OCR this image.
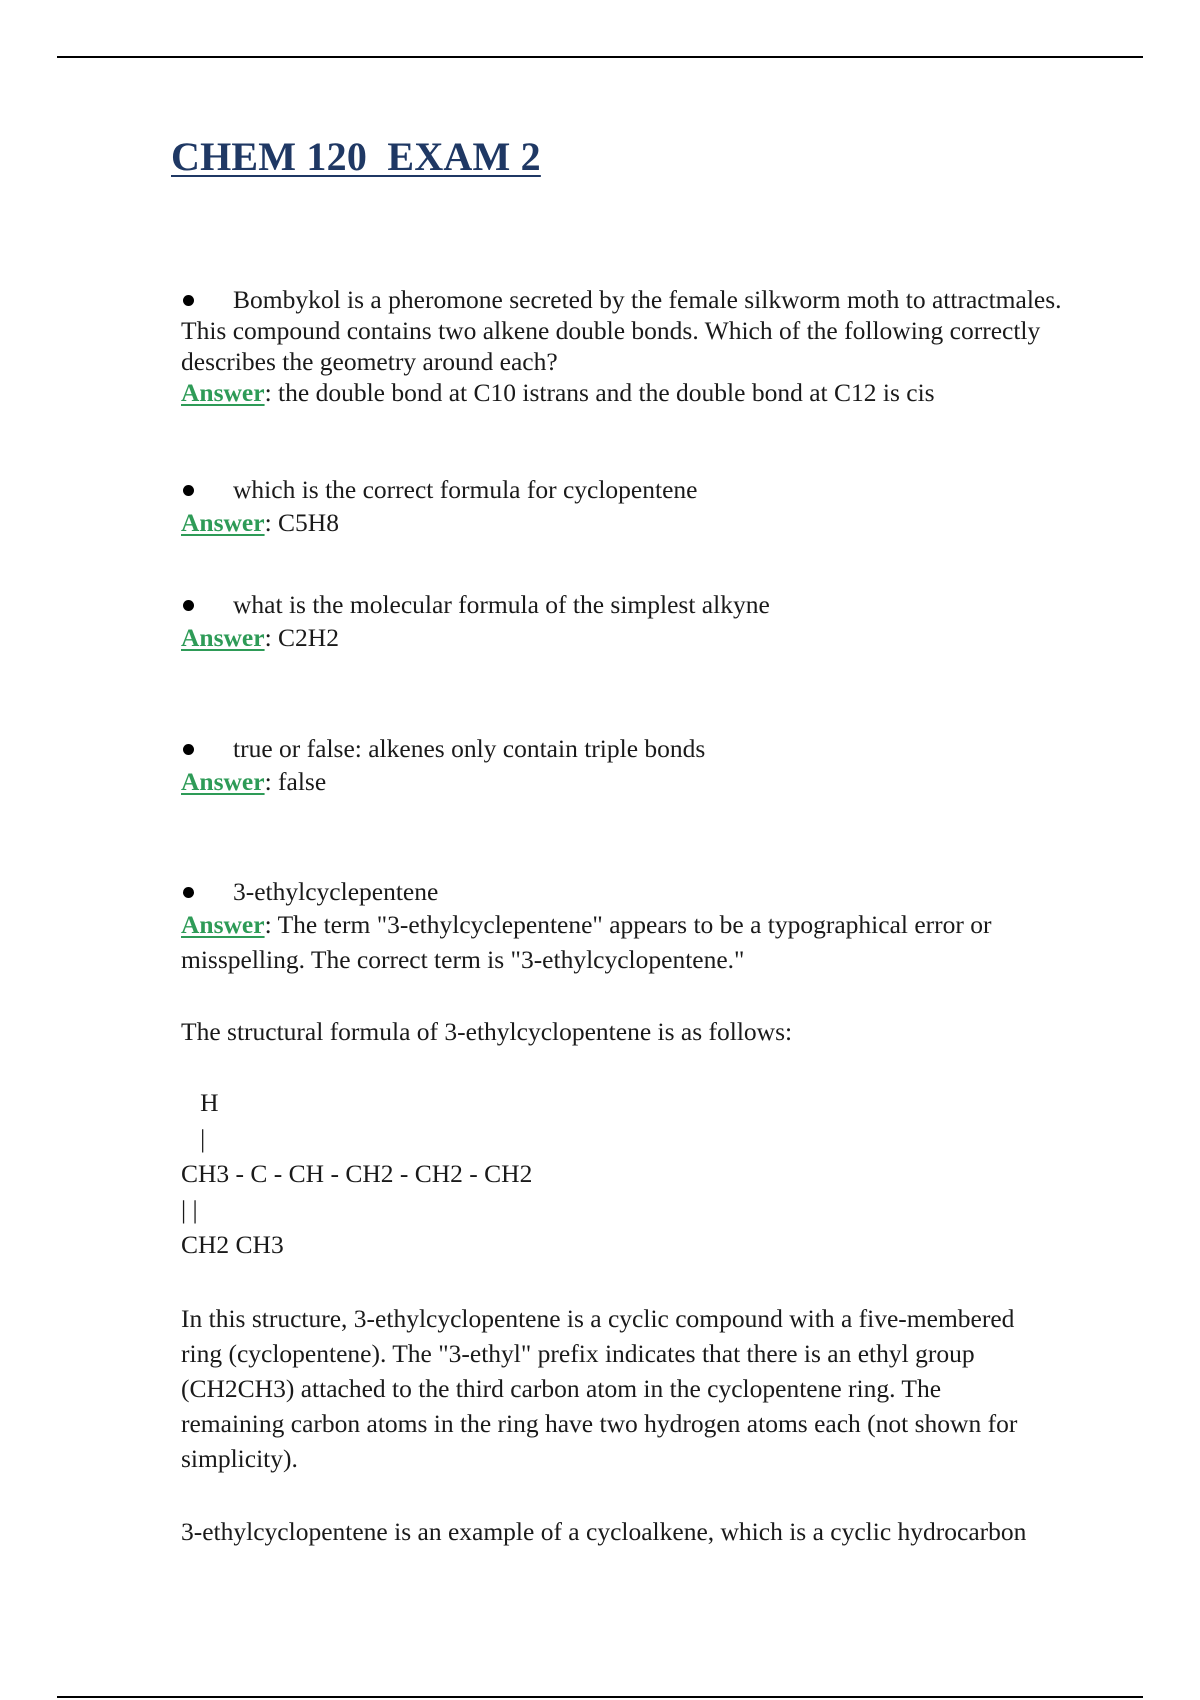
CHEM 120  EXAM 2
Bombykol is a pheromone secreted by the female silkworm moth to attractmales.
This compound contains two alkene double bonds. Which of the following correctly
describes the geometry around each?

Answer: the double bond at C10 istrans and the double bond at C12 is cis

which is the correct formula for cyclopentene

Answer: C5H8

what is the molecular formula of the simplest alkyne

Answer: C2H2

true or false: alkenes only contain triple bonds

Answer: false

3-ethylcyclepentene

Answer: The term "3-ethylcyclepentene" appears to be a typographical error or

misspelling. The correct term is "3-ethylcyclopentene."

The structural formula of 3-ethylcyclopentene is as follows:

H
|
CH3 - C - CH - CH2 - CH2 - CH2
| |
CH2 CH3
In this structure, 3-ethylcyclopentene is a cyclic compound with a five-membered
ring (cyclopentene). The "3-ethyl" prefix indicates that there is an ethyl group
(CH2CH3) attached to the third carbon atom in the cyclopentene ring. The
remaining carbon atoms in the ring have two hydrogen atoms each (not shown for
simplicity).

3-ethylcyclopentene is an example of a cycloalkene, which is a cyclic hydrocarbon
